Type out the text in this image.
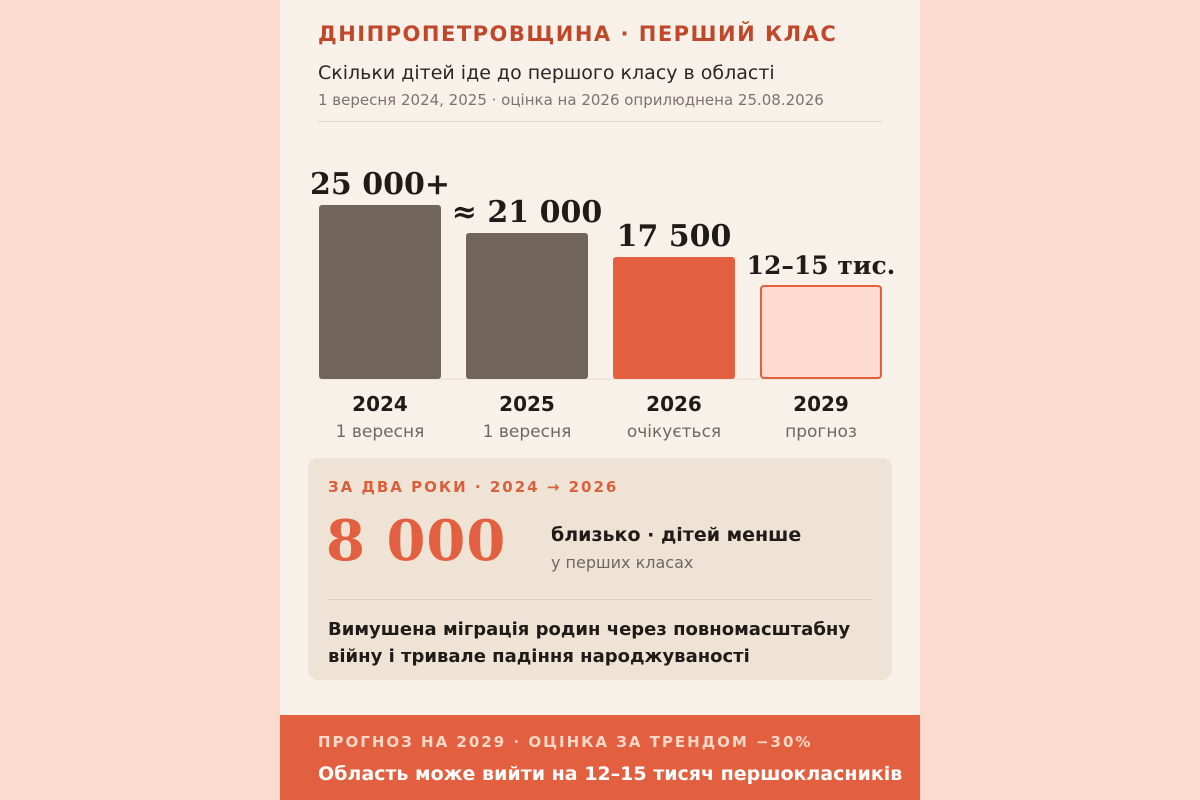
ДНІПРОПЕТРОВЩИНА · ПЕРШИЙ КЛАС
Скільки дітей іде до першого класу в області
1 вересня 2024, 2025 · оцінка на 2026 оприлюднена 25.08.2026
25 000+
2024
1 вересня
≈ 21 000
2025
1 вересня
17 500
2026
очікується
12–15 тис.
2029
прогноз
ЗА ДВА РОКИ · 2024 → 2026
8 000 близько · дітей менше
у перших класах
Вимушена міграція родин через повномасштабну війну і тривале падіння народжуваності
ПРОГНОЗ НА 2029 · ОЦІНКА ЗА ТРЕНДОМ −30%
Область може вийти на 12–15 тисяч першокласників
